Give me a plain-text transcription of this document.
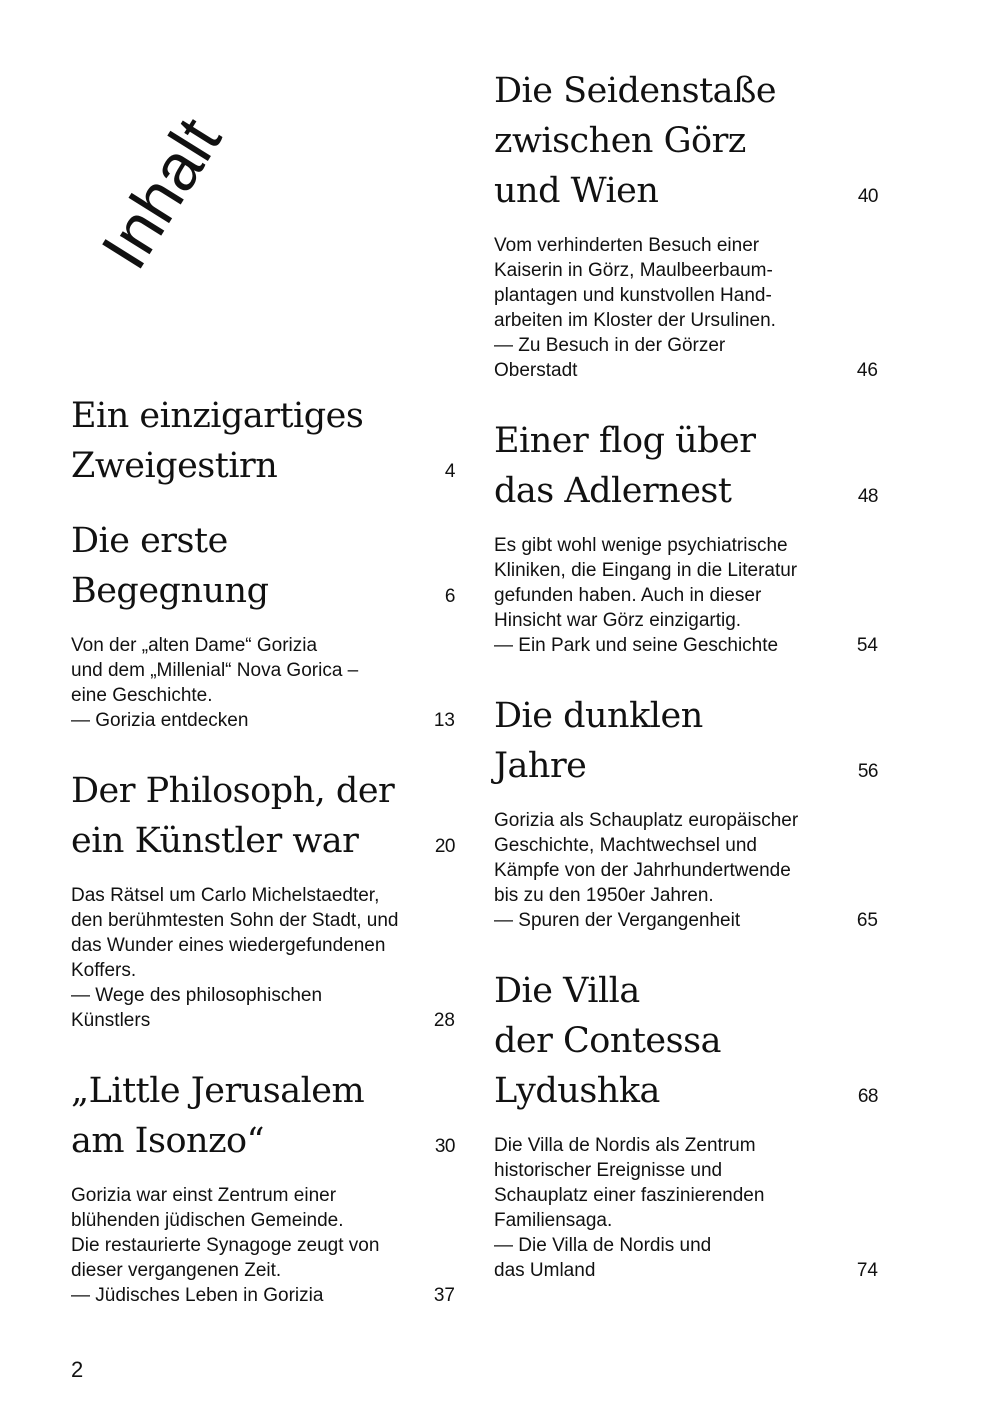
Inhalt
Ein einzigartiges
Zweigestirn	4
Die erste
Begegnung	6
Von der „alten Dame“ Gorizia
und dem „Millenial“ Nova Gorica –
eine Geschichte.
— Gorizia entdecken	13
Der Philosoph, der
ein Künstler war	20
Das Rätsel um Carlo Michelstaedter,
den berühmtesten Sohn der Stadt, und
das Wunder eines wiedergefundenen
Koffers.
— Wege des philosophischen
Künstlers	28
„Little Jerusalem
am Isonzo“	30
Gorizia war einst Zentrum einer
blühenden jüdischen Gemeinde.
Die restaurierte Synagoge zeugt von
dieser vergangenen Zeit.
— Jüdisches Leben in Gorizia	37
Die Seidenstaße
zwischen Görz
und Wien	40
Vom verhinderten Besuch einer
Kaiserin in Görz, Maulbeerbaum-
plantagen und kunstvollen Hand-
arbeiten im Kloster der Ursulinen.
— Zu Besuch in der Görzer
Oberstadt	46
Einer flog über
das Adlernest	48
Es gibt wohl wenige psychiatrische
Kliniken, die Eingang in die Literatur
gefunden haben. Auch in dieser
Hinsicht war Görz einzigartig.
— Ein Park und seine Geschichte	54
Die dunklen
Jahre	56
Gorizia als Schauplatz europäischer
Geschichte, Machtwechsel und
Kämpfe von der Jahrhundertwende
bis zu den 1950er Jahren.
— Spuren der Vergangenheit	65
Die Villa
der Contessa
Lydushka	68
Die Villa de Nordis als Zentrum
historischer Ereignisse und
Schauplatz einer faszinierenden
Familiensaga.
— Die Villa de Nordis und
das Umland	74
2
